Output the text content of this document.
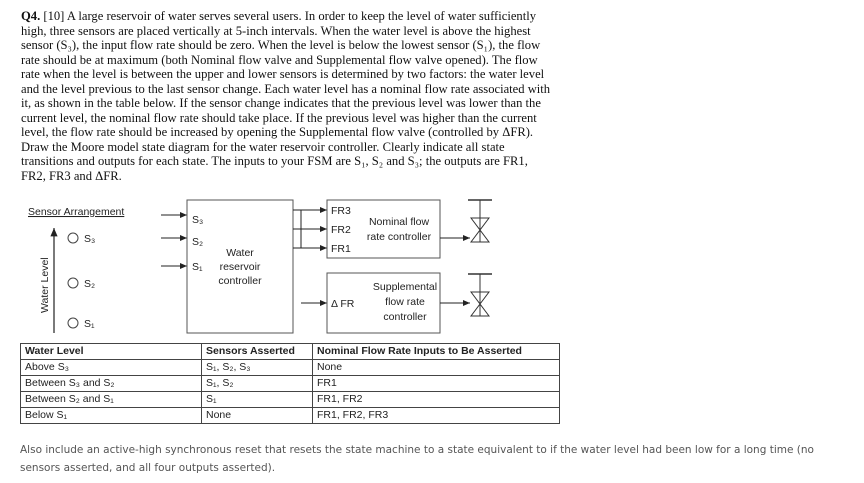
Q4. [10] A large reservoir of water serves several users. In order to keep the level of water sufficiently
high, three sensors are placed vertically at 5-inch intervals. When the water level is above the highest
sensor (S₃), the input flow rate should be zero. When the level is below the lowest sensor (S₁), the flow
rate should be at maximum (both Nominal flow valve and Supplemental flow valve opened). The flow
rate when the level is between the upper and lower sensors is determined by two factors: the water level
and the level previous to the last sensor change. Each water level has a nominal flow rate associated with
it, as shown in the table below. If the sensor change indicates that the previous level was lower than the
current level, the nominal flow rate should take place. If the previous level was higher than the current
level, the flow rate should be increased by opening the Supplemental flow valve (controlled by ΔFR).
Draw the Moore model state diagram for the water reservoir controller. Clearly indicate all state
transitions and outputs for each state. The inputs to your FSM are S₁, S₂ and S₃; the outputs are FR1,
FR2, FR3 and ΔFR.
Sensor Arrangement
Water Level
S₃
S₂
S₁
S₃
S₂
S₁
Water
reservoir
controller
FR3
FR2
FR1
Nominal flow
rate controller
Δ FR
Supplemental
flow rate
controller
Water Level	Sensors Asserted	Nominal Flow Rate Inputs to Be Asserted
Above S₃	S₁, S₂, S₃	None
Between S₃ and S₂	S₁, S₂	FR1
Between S₂ and S₁	S₁	FR1, FR2
Below S₁	None	FR1, FR2, FR3
Also include an active-high synchronous reset that resets the state machine to a state equivalent to if the water level had been low for a long time (no sensors asserted, and all four outputs asserted).
